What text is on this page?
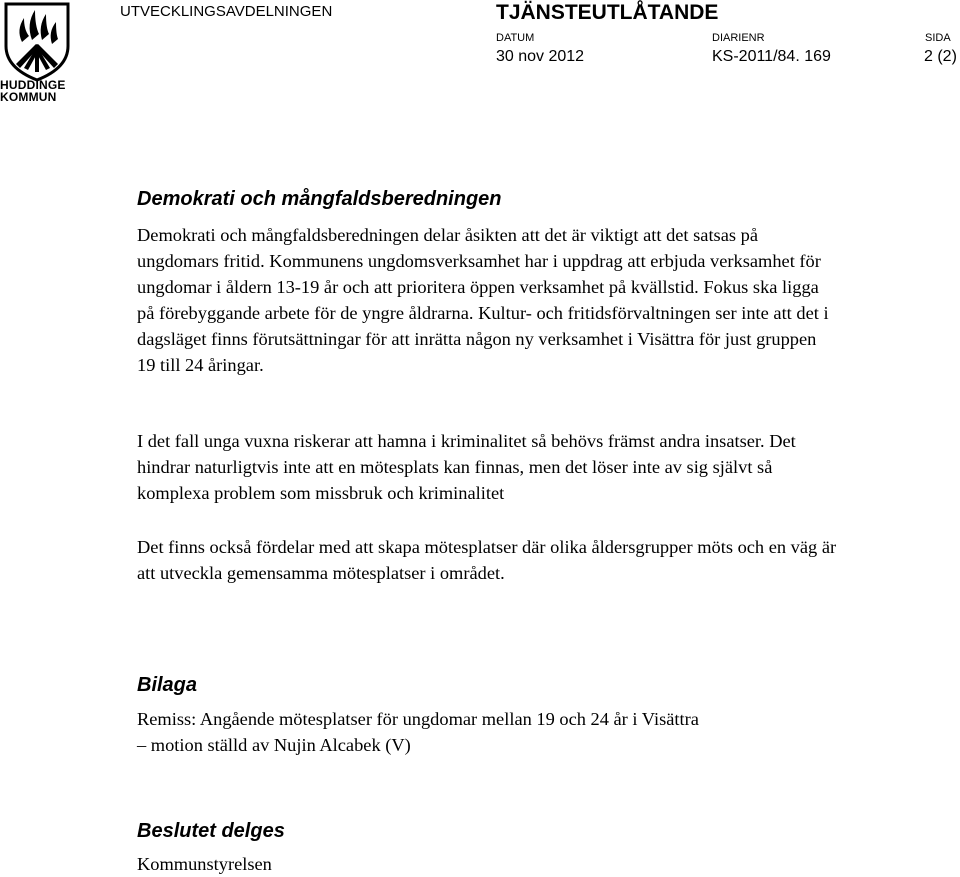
HUDDINGE
KOMMUN
UTVECKLINGSAVDELNINGEN	TJÄNSTEUTLÅTANDE
DATUM
30 nov 2012
DIARIENR
KS-2011/84. 169
SIDA
2 (2)
Demokrati och mångfaldsberedningen

Demokrati och mångfaldsberedningen delar åsikten att det är viktigt att det satsas på ungdomars fritid. Kommunens ungdomsverksamhet har i uppdrag att erbjuda verksamhet för ungdomar i åldern 13-19 år och att prioritera öppen verksamhet på kvällstid. Fokus ska ligga på förebyggande arbete för de yngre åldrarna. Kultur- och fritidsförvaltningen ser inte att det i dagsläget finns förutsättningar för att inrätta någon ny verksamhet i Visättra för just gruppen 19 till 24 åringar.

I det fall unga vuxna riskerar att hamna i kriminalitet så behövs främst andra insatser. Det hindrar naturligtvis inte att en mötesplats kan finnas, men det löser inte av sig självt så komplexa problem som missbruk och kriminalitet

Det finns också fördelar med att skapa mötesplatser där olika åldersgrupper möts och en väg är att utveckla gemensamma mötesplatser i området.

Bilaga
Remiss: Angående mötesplatser för ungdomar mellan 19 och 24 år i Visättra
– motion ställd av Nujin Alcabek (V)
Beslutet delges
Kommunstyrelsen
